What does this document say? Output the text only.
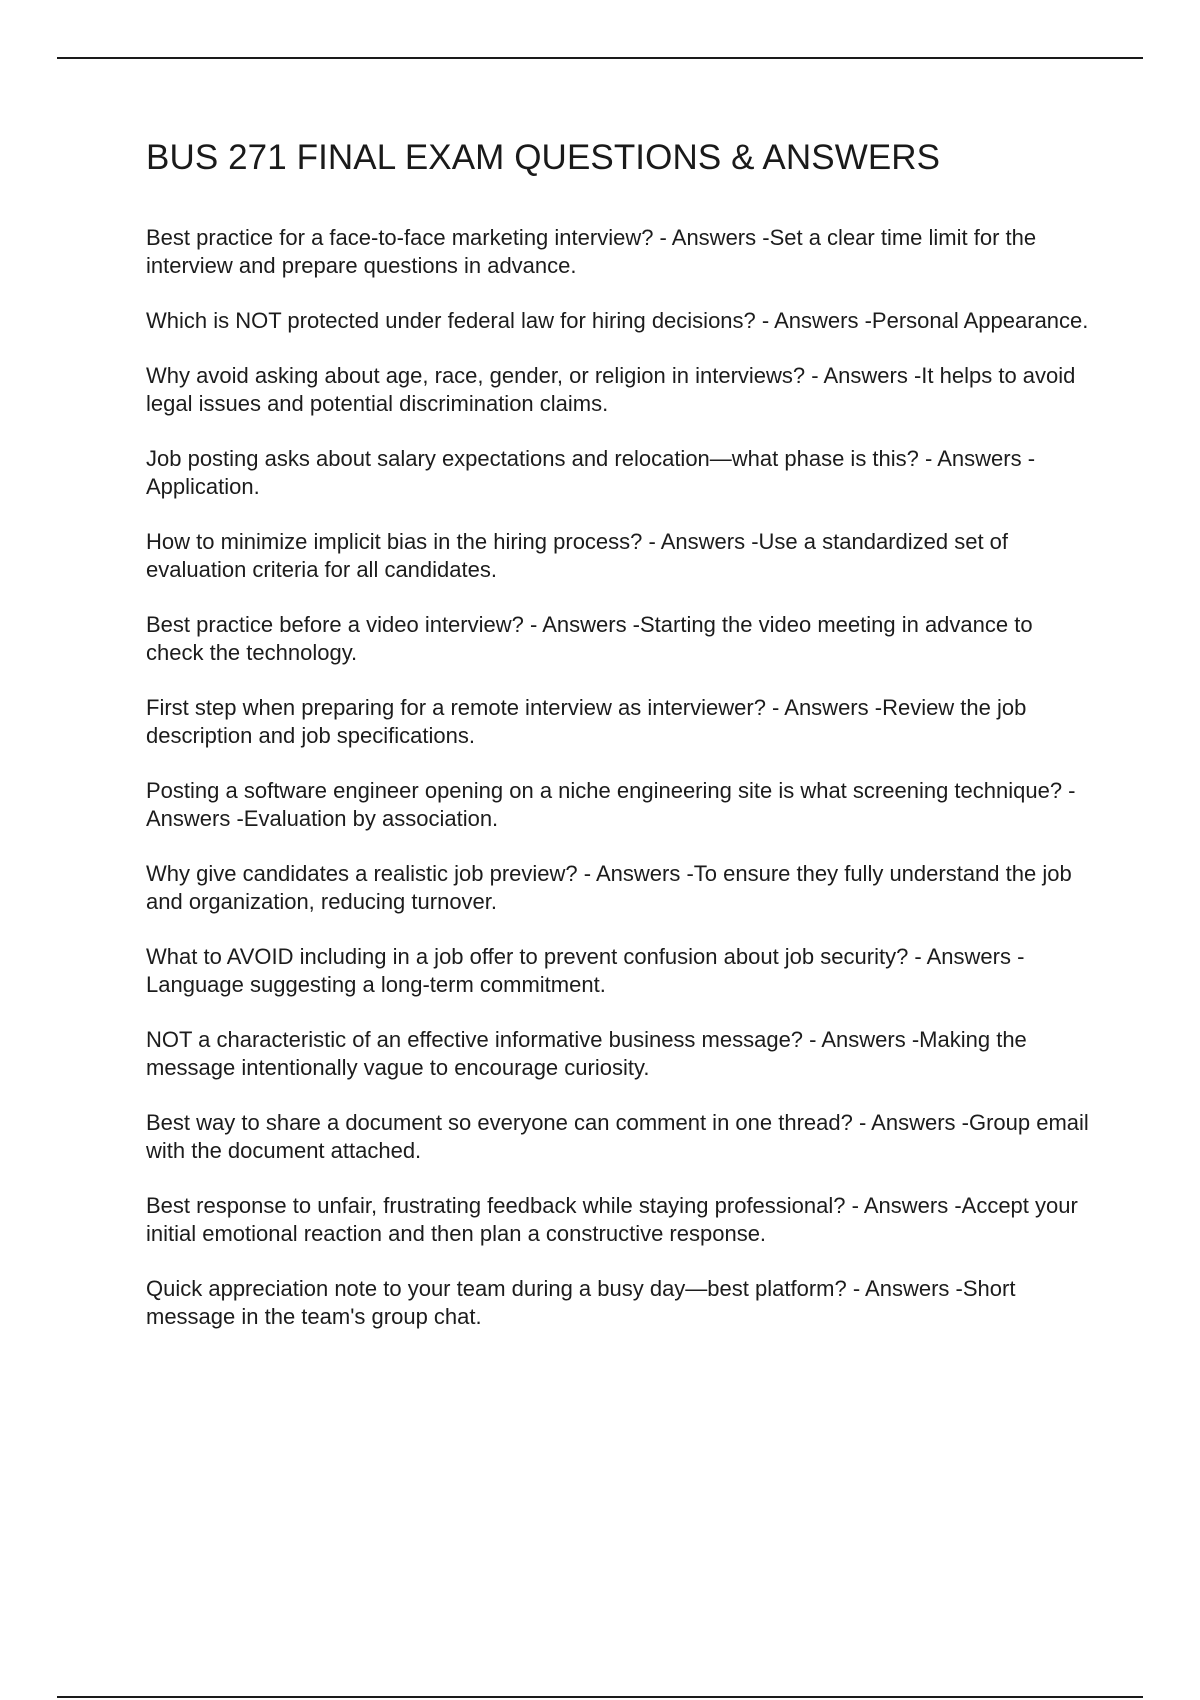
BUS 271 FINAL EXAM QUESTIONS & ANSWERS
Best practice for a face-to-face marketing interview? - Answers -Set a clear time limit for the interview and prepare questions in advance.
Which is NOT protected under federal law for hiring decisions? - Answers -Personal Appearance.
Why avoid asking about age, race, gender, or religion in interviews? - Answers -It helps to avoid legal issues and potential discrimination claims.
Job posting asks about salary expectations and relocation—what phase is this? - Answers -Application.
How to minimize implicit bias in the hiring process? - Answers -Use a standardized set of evaluation criteria for all candidates.
Best practice before a video interview? - Answers -Starting the video meeting in advance to check the technology.
First step when preparing for a remote interview as interviewer? - Answers -Review the job description and job specifications.
Posting a software engineer opening on a niche engineering site is what screening technique? - Answers -Evaluation by association.
Why give candidates a realistic job preview? - Answers -To ensure they fully understand the job and organization, reducing turnover.
What to AVOID including in a job offer to prevent confusion about job security? - Answers -Language suggesting a long-term commitment.
NOT a characteristic of an effective informative business message? - Answers -Making the message intentionally vague to encourage curiosity.
Best way to share a document so everyone can comment in one thread? - Answers -Group email with the document attached.
Best response to unfair, frustrating feedback while staying professional? - Answers -Accept your initial emotional reaction and then plan a constructive response.
Quick appreciation note to your team during a busy day—best platform? - Answers -Short message in the team's group chat.
